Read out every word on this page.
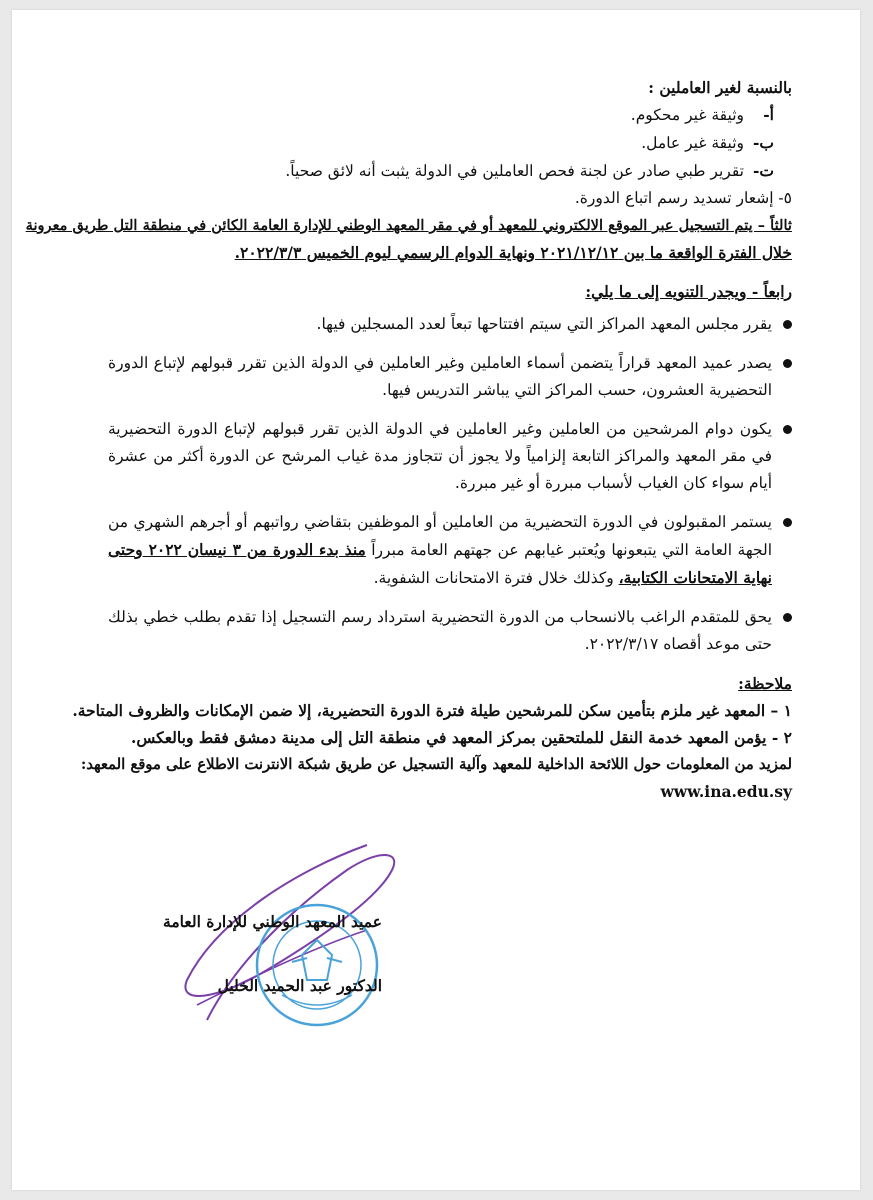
بالنسبة لغير العاملين :
أ-وثيقة غير محكوم.
ب-وثيقة غير عامل.
ت-تقرير طبي صادر عن لجنة فحص العاملين في الدولة يثبت أنه لائق صحياً.
٥- إشعار تسديد رسم اتباع الدورة.
ثالثاً – يتم التسجيل عبر الموقع الالكتروني للمعهد أو في مقر المعهد الوطني للإدارة العامة الكائن في منطقة التل طريق معرونة
خلال الفترة الواقعة ما بين ٢٠٢١/١٢/١٢ ونهاية الدوام الرسمي ليوم الخميس ٢٠٢٢/٣/٣.
رابعاً - ويجدر التنويه إلى ما يلي:
يقرر مجلس المعهد المراكز التي سيتم افتتاحها تبعاً لعدد المسجلين فيها.
يصدر عميد المعهد قراراً يتضمن أسماء العاملين وغير العاملين في الدولة الذين تقرر قبولهم لإتباع الدورة التحضيرية العشرون، حسب المراكز التي يباشر التدريس فيها.
يكون دوام المرشحين من العاملين وغير العاملين في الدولة الذين تقرر قبولهم لإتباع الدورة التحضيرية في مقر المعهد والمراكز التابعة إلزامياً ولا يجوز أن تتجاوز مدة غياب المرشح عن الدورة أكثر من عشرة أيام سواء كان الغياب لأسباب مبررة أو غير مبررة.
يستمر المقبولون في الدورة التحضيرية من العاملين أو الموظفين بتقاضي رواتبهم أو أجرهم الشهري من الجهة العامة التي يتبعونها ويُعتبر غيابهم عن جهتهم العامة مبرراً منذ بدء الدورة من ٣ نيسان ٢٠٢٢ وحتى نهاية الامتحانات الكتابية، وكذلك خلال فترة الامتحانات الشفوية.
يحق للمتقدم الراغب بالانسحاب من الدورة التحضيرية استرداد رسم التسجيل إذا تقدم بطلب خطي بذلك حتى موعد أقصاه ٢٠٢٢/٣/١٧.
ملاحظة:
١ – المعهد غير ملزم بتأمين سكن للمرشحين طيلة فترة الدورة التحضيرية، إلا ضمن الإمكانات والظروف المتاحة.
٢ - يؤمن المعهد خدمة النقل للملتحقين بمركز المعهد في منطقة التل إلى مدينة دمشق فقط وبالعكس.
لمزيد من المعلومات حول اللائحة الداخلية للمعهد وآلية التسجيل عن طريق شبكة الانترنت الاطلاع على موقع المعهد:
www.ina.edu.sy
عميد المعهد الوطني للإدارة العامة
الدكتور عبد الحميد الخليل
